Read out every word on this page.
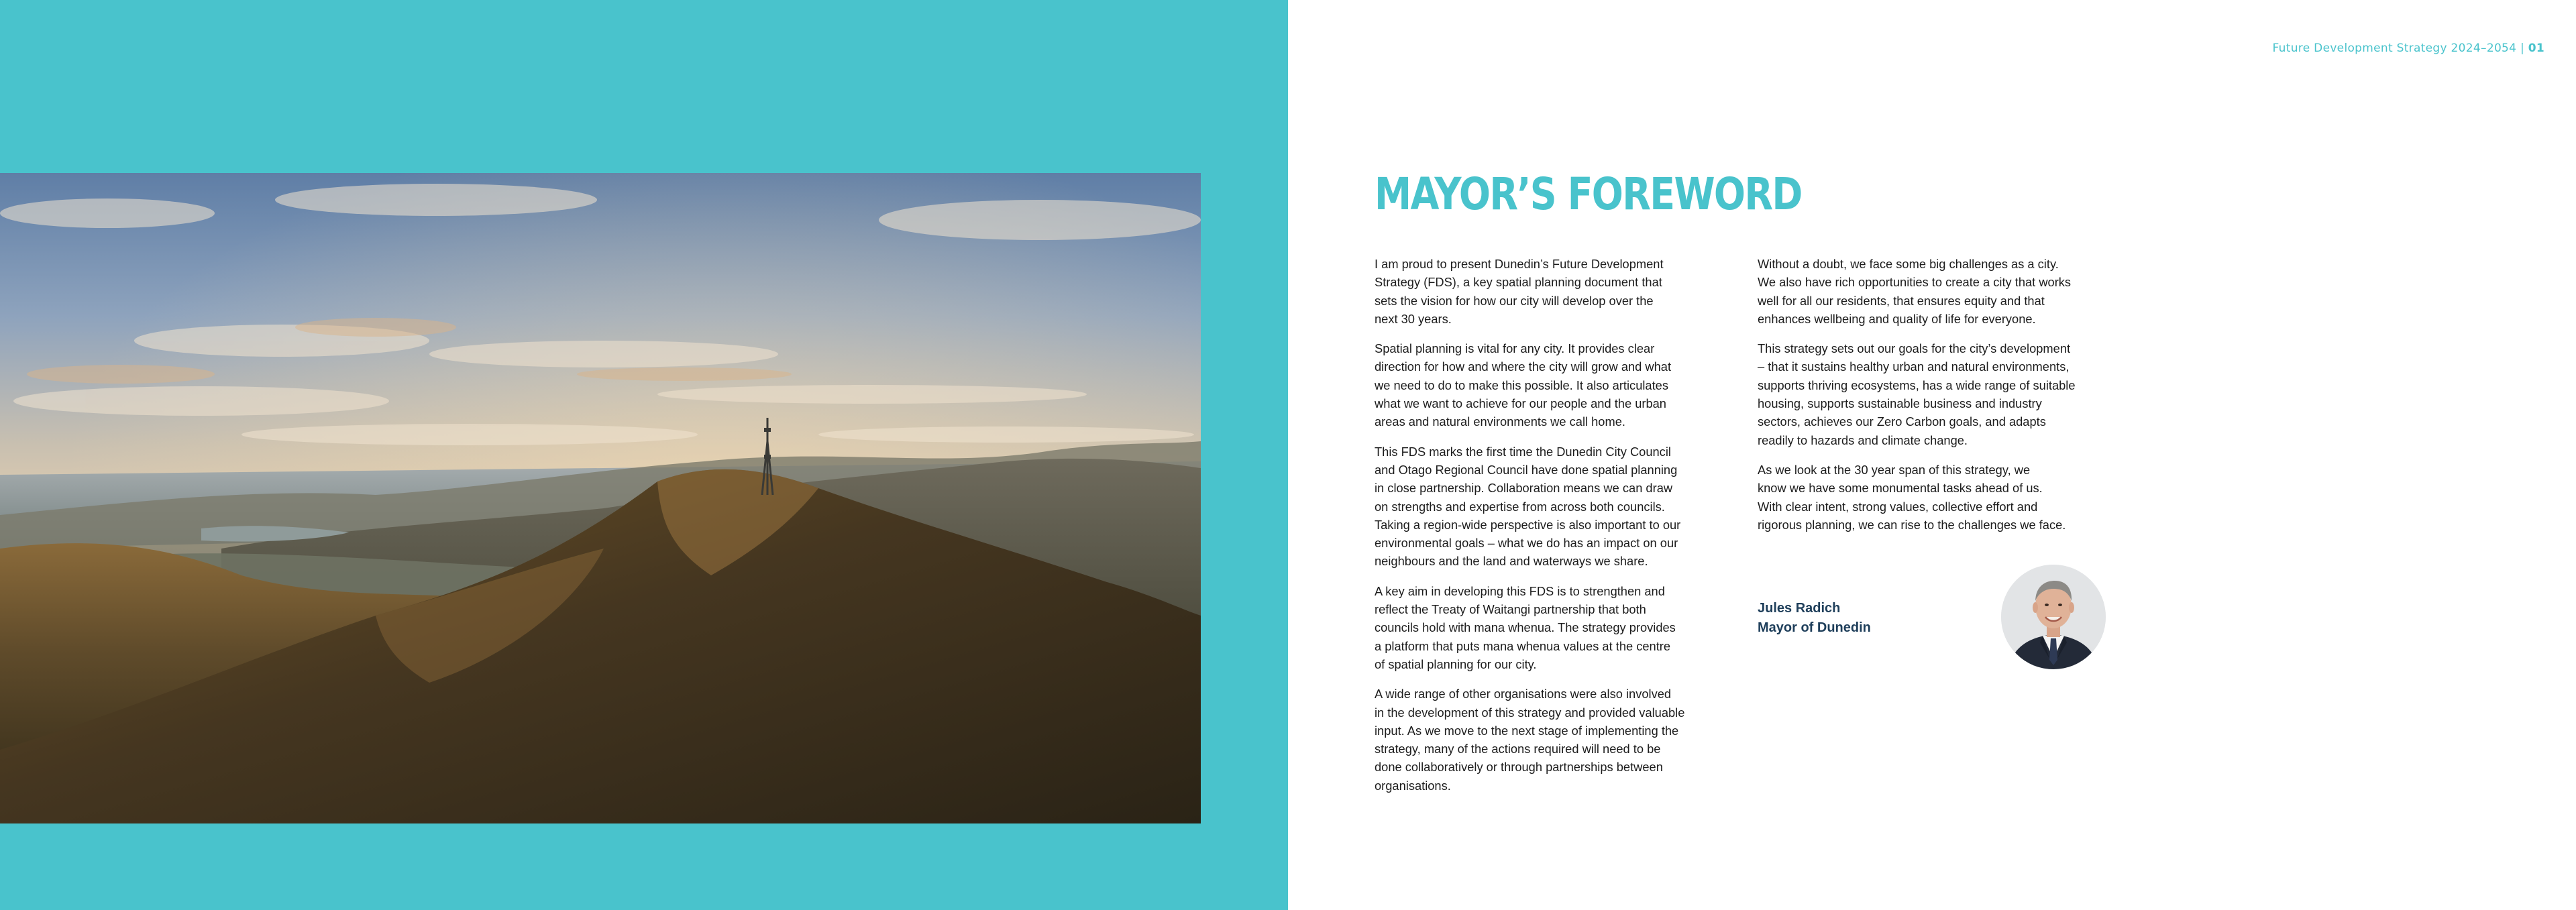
Future Development Strategy 2024–2054 | 01
MAYOR’S FOREWORD

I am proud to present Dunedin’s Future Development
Strategy (FDS), a key spatial planning document that
sets the vision for how our city will develop over the
next 30 years.

Spatial planning is vital for any city. It provides clear
direction for how and where the city will grow and what
we need to do to make this possible. It also articulates
what we want to achieve for our people and the urban
areas and natural environments we call home.

This FDS marks the first time the Dunedin City Council
and Otago Regional Council have done spatial planning
in close partnership. Collaboration means we can draw
on strengths and expertise from across both councils.
Taking a region-wide perspective is also important to our
environmental goals – what we do has an impact on our
neighbours and the land and waterways we share.

A key aim in developing this FDS is to strengthen and
reflect the Treaty of Waitangi partnership that both
councils hold with mana whenua. The strategy provides
a platform that puts mana whenua values at the centre
of spatial planning for our city.

A wide range of other organisations were also involved
in the development of this strategy and provided valuable
input. As we move to the next stage of implementing the
strategy, many of the actions required will need to be
done collaboratively or through partnerships between
organisations.

Without a doubt, we face some big challenges as a city.
We also have rich opportunities to create a city that works
well for all our residents, that ensures equity and that
enhances wellbeing and quality of life for everyone.

This strategy sets out our goals for the city’s development
– that it sustains healthy urban and natural environments,
supports thriving ecosystems, has a wide range of suitable
housing, supports sustainable business and industry
sectors, achieves our Zero Carbon goals, and adapts
readily to hazards and climate change.

As we look at the 30 year span of this strategy, we
know we have some monumental tasks ahead of us.
With clear intent, strong values, collective effort and
rigorous planning, we can rise to the challenges we face.

Jules Radich
Mayor of Dunedin
